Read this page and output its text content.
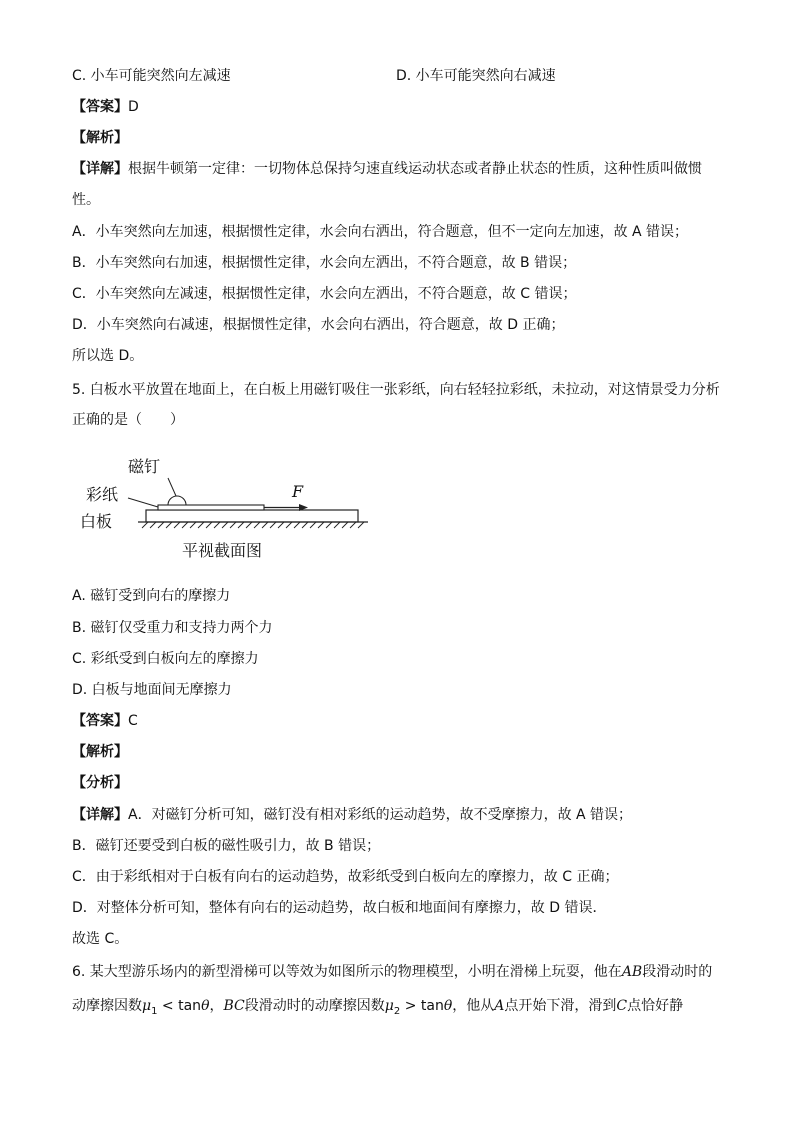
C. 小车可能突然向左减速	D. 小车可能突然向右减速
【答案】D
【解析】
【详解】根据牛顿第一定律：一切物体总保持匀速直线运动状态或者静止状态的性质，这种性质叫做惯
性。
A．小车突然向左加速，根据惯性定律，水会向右洒出，符合题意，但不一定向左加速，故 A 错误；
B．小车突然向右加速，根据惯性定律，水会向左洒出，不符合题意，故 B 错误；
C．小车突然向左减速，根据惯性定律，水会向左洒出，不符合题意，故 C 错误；
D．小车突然向右减速，根据惯性定律，水会向右洒出，符合题意，故 D 正确；
所以选 D。
5. 白板水平放置在地面上，在白板上用磁钉吸住一张彩纸，向右轻轻拉彩纸，未拉动，对这情景受力分析
正确的是（　　）
磁钉
彩纸
白板
F
平视截面图
A. 磁钉受到向右的摩擦力
B. 磁钉仅受重力和支持力两个力
C. 彩纸受到白板向左的摩擦力
D. 白板与地面间无摩擦力
【答案】C
【解析】
【分析】
【详解】A．对磁钉分析可知，磁钉没有相对彩纸的运动趋势，故不受摩擦力，故 A 错误；
B．磁钉还要受到白板的磁性吸引力，故 B 错误；
C．由于彩纸相对于白板有向右的运动趋势，故彩纸受到白板向左的摩擦力，故 C 正确；
D．对整体分析可知，整体有向右的运动趋势，故白板和地面间有摩擦力，故 D 错误．
故选 C。
6. 某大型游乐场内的新型滑梯可以等效为如图所示的物理模型，小明在滑梯上玩耍，他在AB段滑动时的
动摩擦因数$\mu_1 < \tan\theta$，BC段滑动时的动摩擦因数$\mu_2 > \tan\theta$，他从A点开始下滑，滑到C点恰好静
